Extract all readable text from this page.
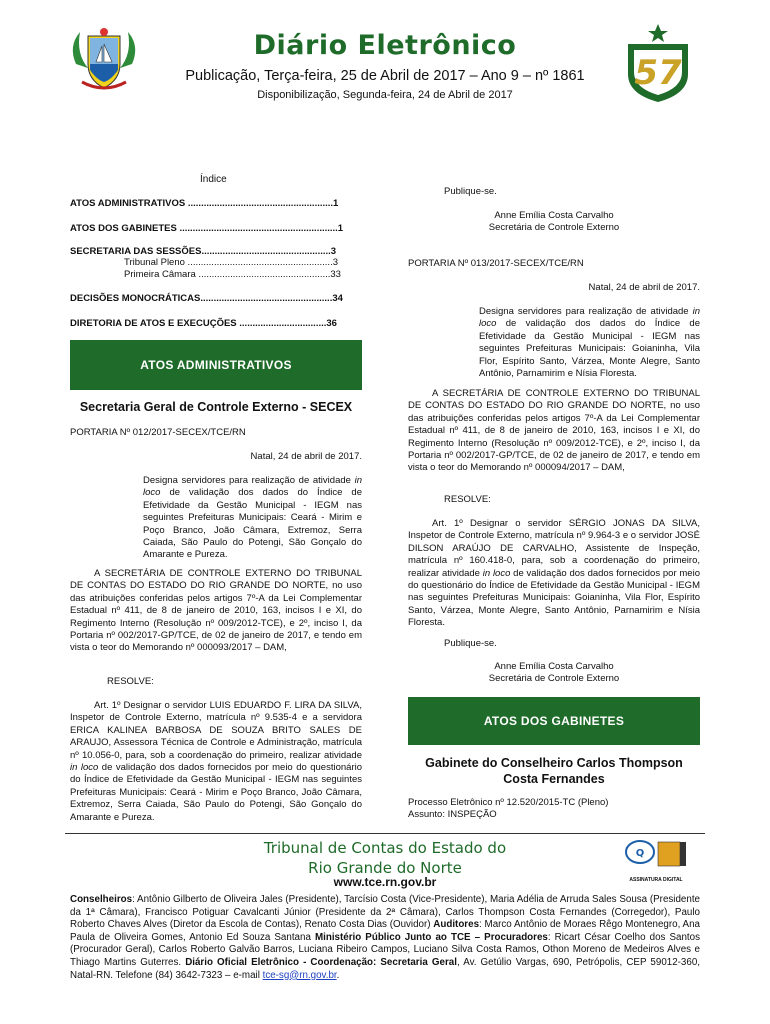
Diário Eletrônico
Publicação, Terça-feira, 25 de Abril de 2017 – Ano 9 – nº 1861
Disponibilização, Segunda-feira, 24 de Abril de 2017
57
Índice
ATOS ADMINISTRATIVOS .......................................................1
ATOS DOS GABINETES ............................................................1
SECRETARIA DAS SESSÕES.................................................3
Tribunal Pleno .......................................................3
Primeira Câmara ..................................................33
DECISÕES MONOCRÁTICAS..................................................34
DIRETORIA DE ATOS E EXECUÇÕES .................................36
ATOS ADMINISTRATIVOS
Secretaria Geral de Controle Externo - SECEX
PORTARIA Nº 012/2017-SECEX/TCE/RN
Natal, 24 de abril de 2017.
Designa servidores para realização de atividade in loco de validação dos dados do Índice de Efetividade da Gestão Municipal - IEGM nas seguintes Prefeituras Municipais: Ceará - Mirim e Poço Branco, João Câmara, Extremoz, Serra Caiada, São Paulo do Potengi, São Gonçalo do Amarante e Pureza.
A SECRETÁRIA DE CONTROLE EXTERNO DO TRIBUNAL DE CONTAS DO ESTADO DO RIO GRANDE DO NORTE, no uso das atribuições conferidas pelos artigos 7º-A da Lei Complementar Estadual nº 411, de 8 de janeiro de 2010, 163, incisos I e XI, do Regimento Interno (Resolução nº 009/2012-TCE), e 2º, inciso I, da Portaria nº 002/2017-GP/TCE, de 02 de janeiro de 2017, e tendo em vista o teor do Memorando nº 000093/2017 – DAM,
RESOLVE:
Art. 1º Designar o servidor LUIS EDUARDO F. LIRA DA SILVA, Inspetor de Controle Externo, matrícula nº 9.535-4 e a servidora ERICA KALINEA BARBOSA DE SOUZA BRITO SALES DE ARAUJO, Assessora Técnica de Controle e Administração, matrícula nº 10.056-0, para, sob a coordenação do primeiro, realizar atividade in loco de validação dos dados fornecidos por meio do questionário do Índice de Efetividade da Gestão Municipal - IEGM nas seguintes Prefeituras Municipais: Ceará - Mirim e Poço Branco, João Câmara, Extremoz, Serra Caiada, São Paulo do Potengi, São Gonçalo do Amarante e Pureza.
Publique-se.
Anne Emília Costa Carvalho
Secretária de Controle Externo
PORTARIA Nº 013/2017-SECEX/TCE/RN
Natal, 24 de abril de 2017.
Designa servidores para realização de atividade in loco de validação dos dados do Índice de Efetividade da Gestão Municipal - IEGM nas seguintes Prefeituras Municipais: Goianinha, Vila Flor, Espírito Santo, Várzea, Monte Alegre, Santo Antônio, Parnamirim e Nísia Floresta.
A SECRETÁRIA DE CONTROLE EXTERNO DO TRIBUNAL DE CONTAS DO ESTADO DO RIO GRANDE DO NORTE, no uso das atribuições conferidas pelos artigos 7º-A da Lei Complementar Estadual nº 411, de 8 de janeiro de 2010, 163, incisos I e XI, do Regimento Interno (Resolução nº 009/2012-TCE), e 2º, inciso I, da Portaria nº 002/2017-GP/TCE, de 02 de janeiro de 2017, e tendo em vista o teor do Memorando nº 000094/2017 – DAM,
RESOLVE:
Art. 1º Designar o servidor SÉRGIO JONAS DA SILVA, Inspetor de Controle Externo, matrícula nº 9.964-3 e o servidor JOSÉ DILSON ARAÚJO DE CARVALHO, Assistente de Inspeção, matrícula nº 160.418-0, para, sob a coordenação do primeiro, realizar atividade in loco de validação dos dados fornecidos por meio do questionário do Índice de Efetividade da Gestão Municipal - IEGM nas seguintes Prefeituras Municipais: Goianinha, Vila Flor, Espírito Santo, Várzea, Monte Alegre, Santo Antônio, Parnamirim e Nísia Floresta.
Publique-se.
Anne Emília Costa Carvalho
Secretária de Controle Externo
ATOS DOS GABINETES
Gabinete do Conselheiro Carlos Thompson Costa Fernandes
Processo Eletrônico nº 12.520/2015-TC (Pleno)
Assunto: INSPEÇÃO
Tribunal de Contas do Estado do
Rio Grande do Norte
www.tce.rn.gov.br
Q
ASSINATURA DIGITAL
Conselheiros: Antônio Gilberto de Oliveira Jales (Presidente), Tarcísio Costa (Vice-Presidente), Maria Adélia de Arruda Sales Sousa (Presidente da 1ª Câmara), Francisco Potiguar Cavalcanti Júnior (Presidente da 2ª Câmara), Carlos Thompson Costa Fernandes (Corregedor), Paulo Roberto Chaves Alves (Diretor da Escola de Contas), Renato Costa Dias (Ouvidor) Auditores: Marco Antônio de Moraes Rêgo Montenegro, Ana Paula de Oliveira Gomes, Antonio Ed Souza Santana Ministério Público Junto ao TCE – Procuradores: Ricart César Coelho dos Santos (Procurador Geral), Carlos Roberto Galvão Barros, Luciana Ribeiro Campos, Luciano Silva Costa Ramos, Othon Moreno de Medeiros Alves e Thiago Martins Guterres. Diário Oficial Eletrônico - Coordenação: Secretaria Geral, Av. Getúlio Vargas, 690, Petrópolis, CEP 59012-360, Natal-RN. Telefone (84) 3642-7323 – e-mail tce-sg@rn.gov.br.
